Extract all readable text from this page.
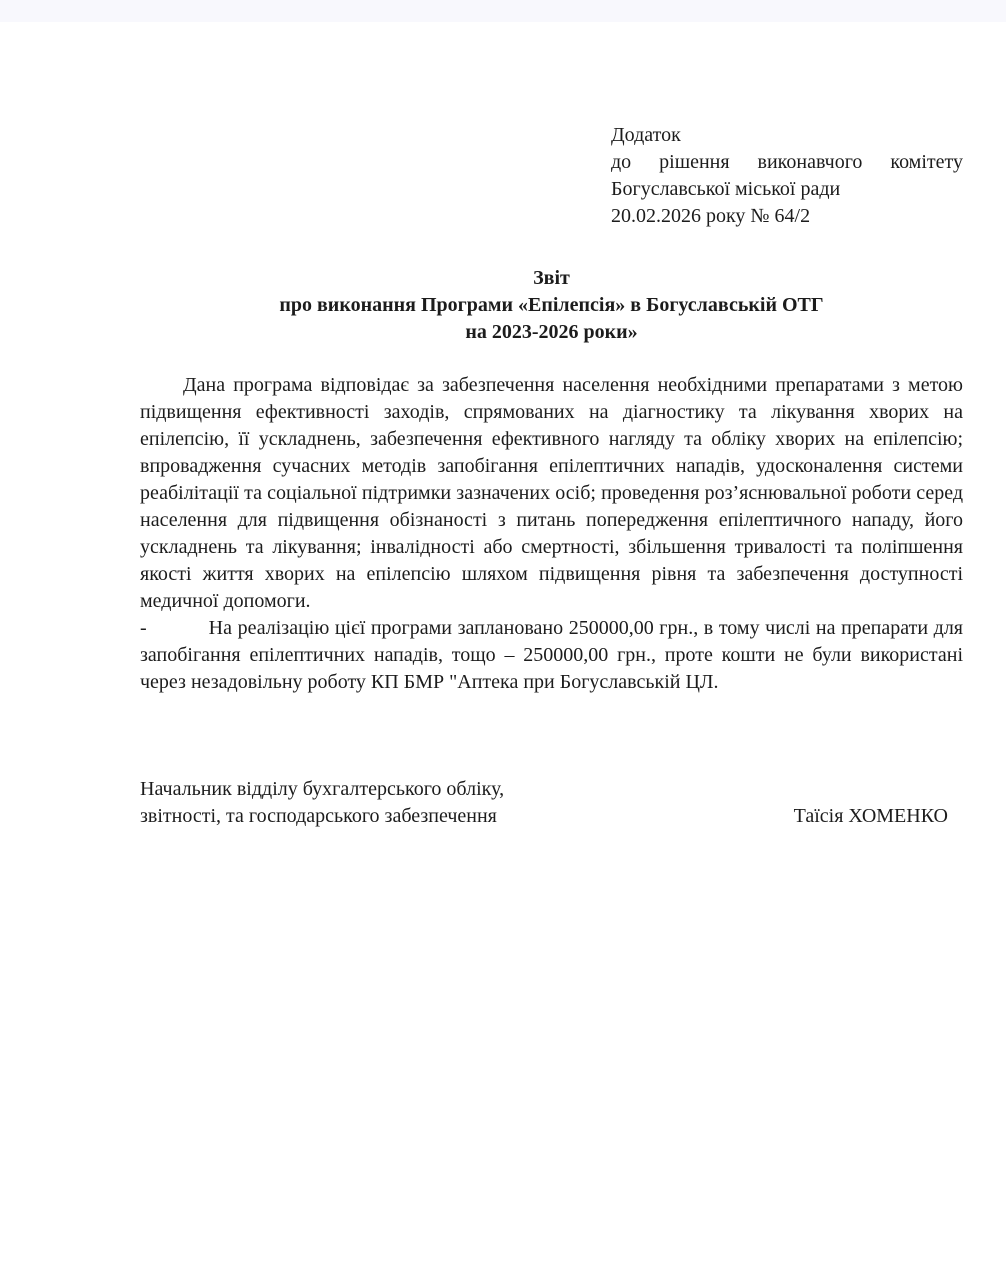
Додаток
до рішення виконавчого комітету
Богуславської міської ради
20.02.2026 року № 64/2
Звіт
про виконання Програми «Епілепсія» в Богуславській ОТГ
на 2023-2026 роки»

Дана програма відповідає за забезпечення населення необхідними препаратами з метою підвищення ефективності заходів, спрямованих на діагностику та лікування хворих на епілепсію, її ускладнень, забезпечення ефективного нагляду та обліку хворих на епілепсію; впровадження сучасних методів запобігання епілептичних нападів, удосконалення системи реабілітації та соціальної підтримки зазначених осіб; проведення роз’яснювальної роботи серед населення для підвищення обізнаності з питань попередження епілептичного нападу, його ускладнень та лікування; інвалідності або смертності, збільшення тривалості та поліпшення якості життя хворих на епілепсію шляхом підвищення рівня та забезпечення доступності медичної допомоги.

-	На реалізацію цієї програми заплановано 250000,00 грн., в тому числі на препарати для запобігання епілептичних нападів, тощо – 250000,00 грн., проте кошти не були використані через незадовільну роботу КП БМР "Аптека при Богуславській ЦЛ.

Начальник відділу бухгалтерського обліку,
звітності, та господарського забезпечення	Таїсія ХОМЕНКО
